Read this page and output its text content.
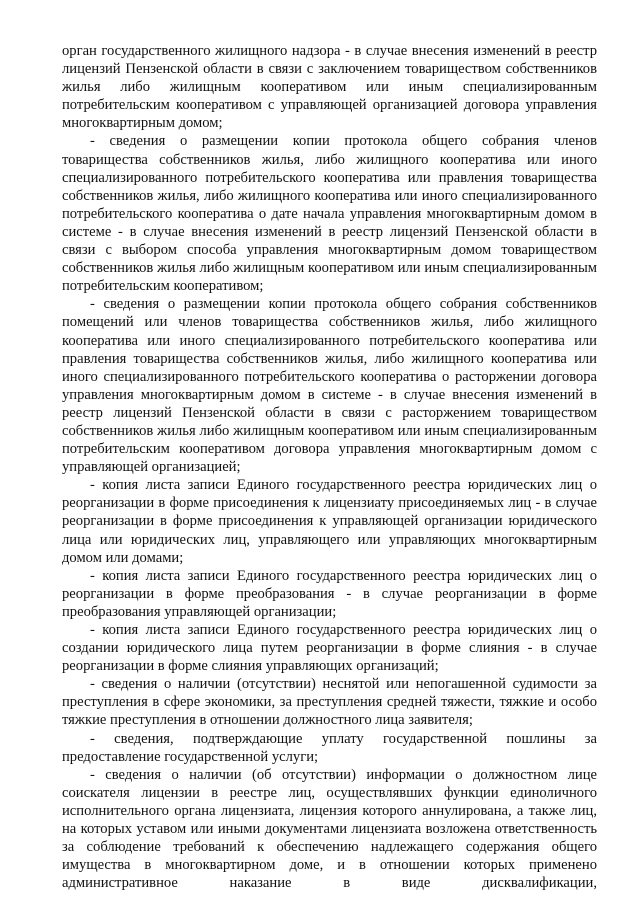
орган государственного жилищного надзора - в случае внесения изменений в реестр лицензий Пензенской области в связи с заключением товариществом собственников жилья либо жилищным кооперативом или иным специализированным потребительским кооперативом с управляющей организацией договора управления многоквартирным домом;

- сведения о размещении копии протокола общего собрания членов товарищества собственников жилья, либо жилищного кооператива или иного специализированного потребительского кооператива или правления товарищества собственников жилья, либо жилищного кооператива или иного специализированного потребительского кооператива о дате начала управления многоквартирным домом в системе - в случае внесения изменений в реестр лицензий Пензенской области в связи с выбором способа управления многоквартирным домом товариществом собственников жилья либо жилищным кооперативом или иным специализированным потребительским кооперативом;

- сведения о размещении копии протокола общего собрания собственников помещений или членов товарищества собственников жилья, либо жилищного кооператива или иного специализированного потребительского кооператива или правления товарищества собственников жилья, либо жилищного кооператива или иного специализированного потребительского кооператива о расторжении договора управления многоквартирным домом в системе - в случае внесения изменений в реестр лицензий Пензенской области в связи с расторжением товариществом собственников жилья либо жилищным кооперативом или иным специализированным потребительским кооперативом договора управления многоквартирным домом с управляющей организацией;

- копия листа записи Единого государственного реестра юридических лиц о реорганизации в форме присоединения к лицензиату присоединяемых лиц - в случае реорганизации в форме присоединения к управляющей организации юридического лица или юридических лиц, управляющего или управляющих многоквартирным домом или домами;

- копия листа записи Единого государственного реестра юридических лиц о реорганизации в форме преобразования - в случае реорганизации в форме преобразования управляющей организации;

- копия листа записи Единого государственного реестра юридических лиц о создании юридического лица путем реорганизации в форме слияния - в случае реорганизации в форме слияния управляющих организаций;

- сведения о наличии (отсутствии) неснятой или непогашенной судимости за преступления в сфере экономики, за преступления средней тяжести, тяжкие и особо тяжкие преступления в отношении должностного лица заявителя;

- сведения, подтверждающие уплату государственной пошлины за предоставление государственной услуги;

- сведения о наличии (об отсутствии) информации о должностном лице соискателя лицензии в реестре лиц, осуществлявших функции единоличного исполнительного органа лицензиата, лицензия которого аннулирована, а также лиц, на которых уставом или иными документами лицензиата возложена ответственность за соблюдение требований к обеспечению надлежащего содержания общего имущества в многоквартирном доме, и в отношении которых применено административное наказание в виде дисквалификации,
